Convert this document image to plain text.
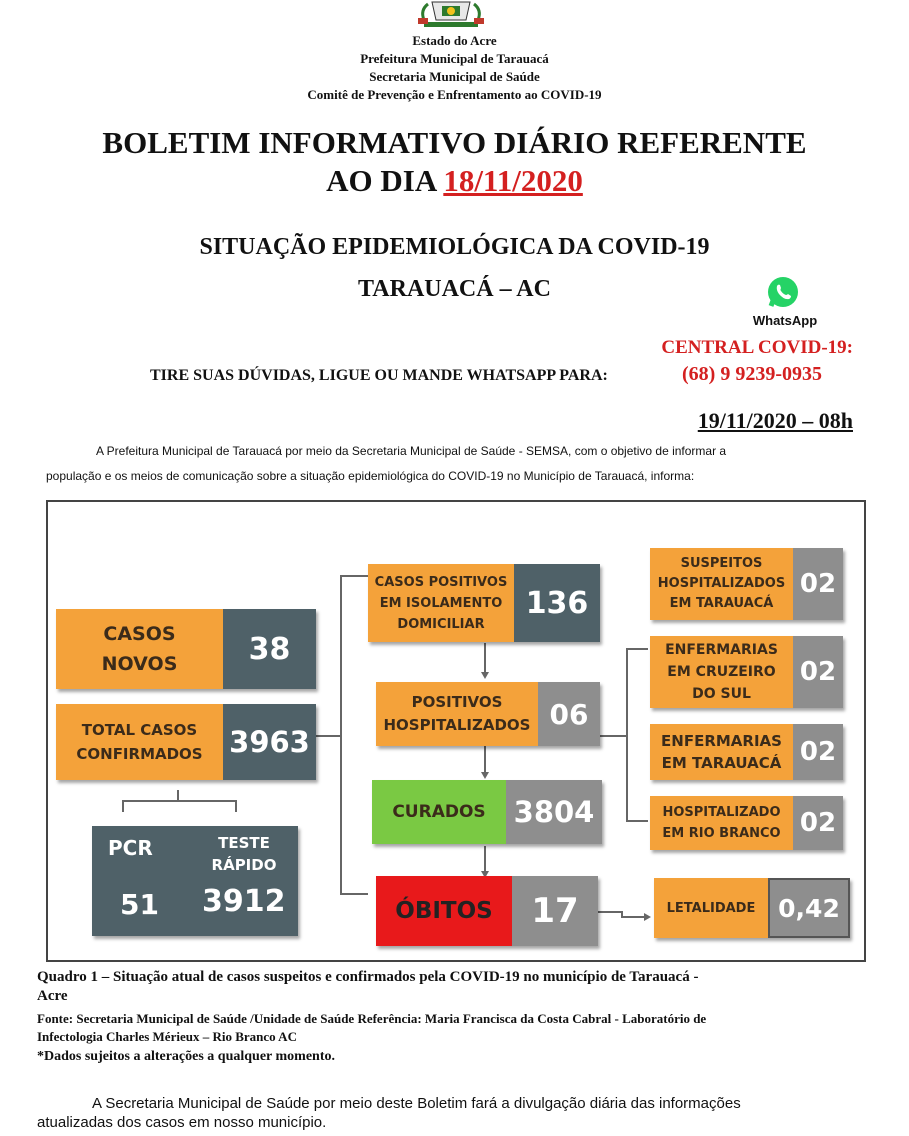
Estado do Acre
Prefeitura Municipal de Tarauacá
Secretaria Municipal de Saúde
Comitê de Prevenção e Enfrentamento ao COVID-19
BOLETIM INFORMATIVO DIÁRIO REFERENTE
AO DIA 18/11/2020
SITUAÇÃO EPIDEMIOLÓGICA DA COVID-19
TARAUACÁ – AC
WhatsApp
CENTRAL COVID-19:
TIRE SUAS DÚVIDAS, LIGUE OU MANDE WHATSAPP PARA:	(68) 9 9239-0935
19/11/2020 – 08h
A Prefeitura Municipal de Tarauacá por meio da Secretaria Municipal de Saúde - SEMSA, com o objetivo de informar a
população e os meios de comunicação sobre a situação epidemiológica do COVID-19 no Município de Tarauacá, informa:
CASOS
NOVOS	38
TOTAL CASOS
CONFIRMADOS 3963
PCR	TESTE
RÁPIDO
51 3912
CASOS POSITIVOS
EM ISOLAMENTO
DOMICILIAR
136
POSITIVOS
HOSPITALIZADOS 06
CURADOS 3804
ÓBITOS	17
SUSPEITOS
HOSPITALIZADOS
EM TARAUACÁ
02
ENFERMARIAS
EM CRUZEIRO
DO SUL
02
ENFERMARIAS
EM TARAUACÁ 02
HOSPITALIZADO
EM RIO BRANCO 02
LETALIDADE 0,42
Quadro 1 – Situação atual de casos suspeitos e confirmados pela COVID-19 no município de Tarauacá -
Acre
Fonte: Secretaria Municipal de Saúde /Unidade de Saúde Referência: Maria Francisca da Costa Cabral - Laboratório de
Infectologia Charles Mérieux – Rio Branco AC
*Dados sujeitos a alterações a qualquer momento.
A Secretaria Municipal de Saúde por meio deste Boletim fará a divulgação diária das informações
atualizadas dos casos em nosso município.
